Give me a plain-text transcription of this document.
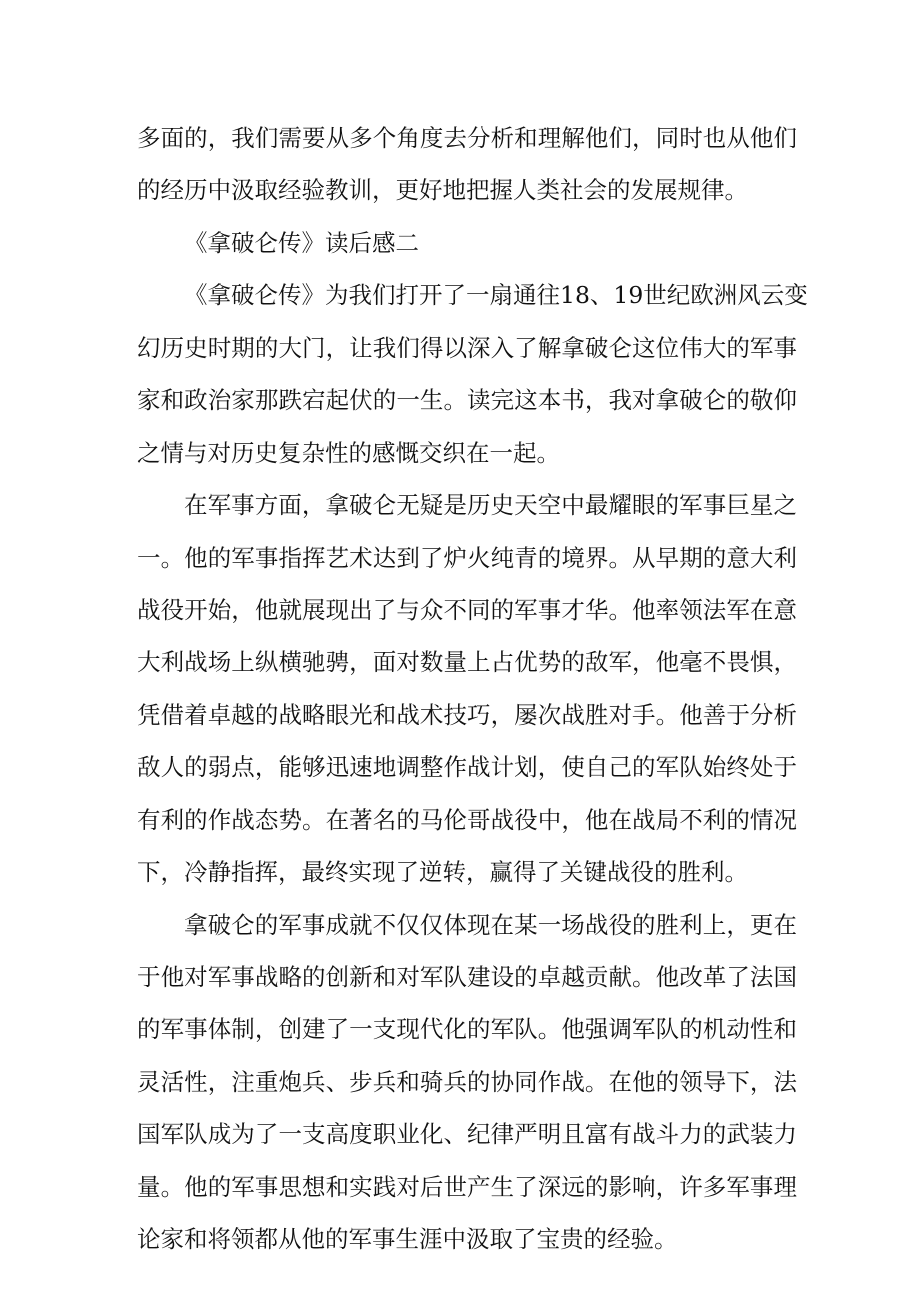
多面的，我们需要从多个角度去分析和理解他们，同时也从他们
的经历中汲取经验教训，更好地把握人类社会的发展规律。
《拿破仑传》读后感二
《拿破仑传》为我们打开了一扇通往18、19世纪欧洲风云变
幻历史时期的大门，让我们得以深入了解拿破仑这位伟大的军事
家和政治家那跌宕起伏的一生。读完这本书，我对拿破仑的敬仰
之情与对历史复杂性的感慨交织在一起。
在军事方面，拿破仑无疑是历史天空中最耀眼的军事巨星之
一。他的军事指挥艺术达到了炉火纯青的境界。从早期的意大利
战役开始，他就展现出了与众不同的军事才华。他率领法军在意
大利战场上纵横驰骋，面对数量上占优势的敌军，他毫不畏惧，
凭借着卓越的战略眼光和战术技巧，屡次战胜对手。他善于分析
敌人的弱点，能够迅速地调整作战计划，使自己的军队始终处于
有利的作战态势。在著名的马伦哥战役中，他在战局不利的情况
下，冷静指挥，最终实现了逆转，赢得了关键战役的胜利。
拿破仑的军事成就不仅仅体现在某一场战役的胜利上，更在
于他对军事战略的创新和对军队建设的卓越贡献。他改革了法国
的军事体制，创建了一支现代化的军队。他强调军队的机动性和
灵活性，注重炮兵、步兵和骑兵的协同作战。在他的领导下，法
国军队成为了一支高度职业化、纪律严明且富有战斗力的武装力
量。他的军事思想和实践对后世产生了深远的影响，许多军事理
论家和将领都从他的军事生涯中汲取了宝贵的经验。
